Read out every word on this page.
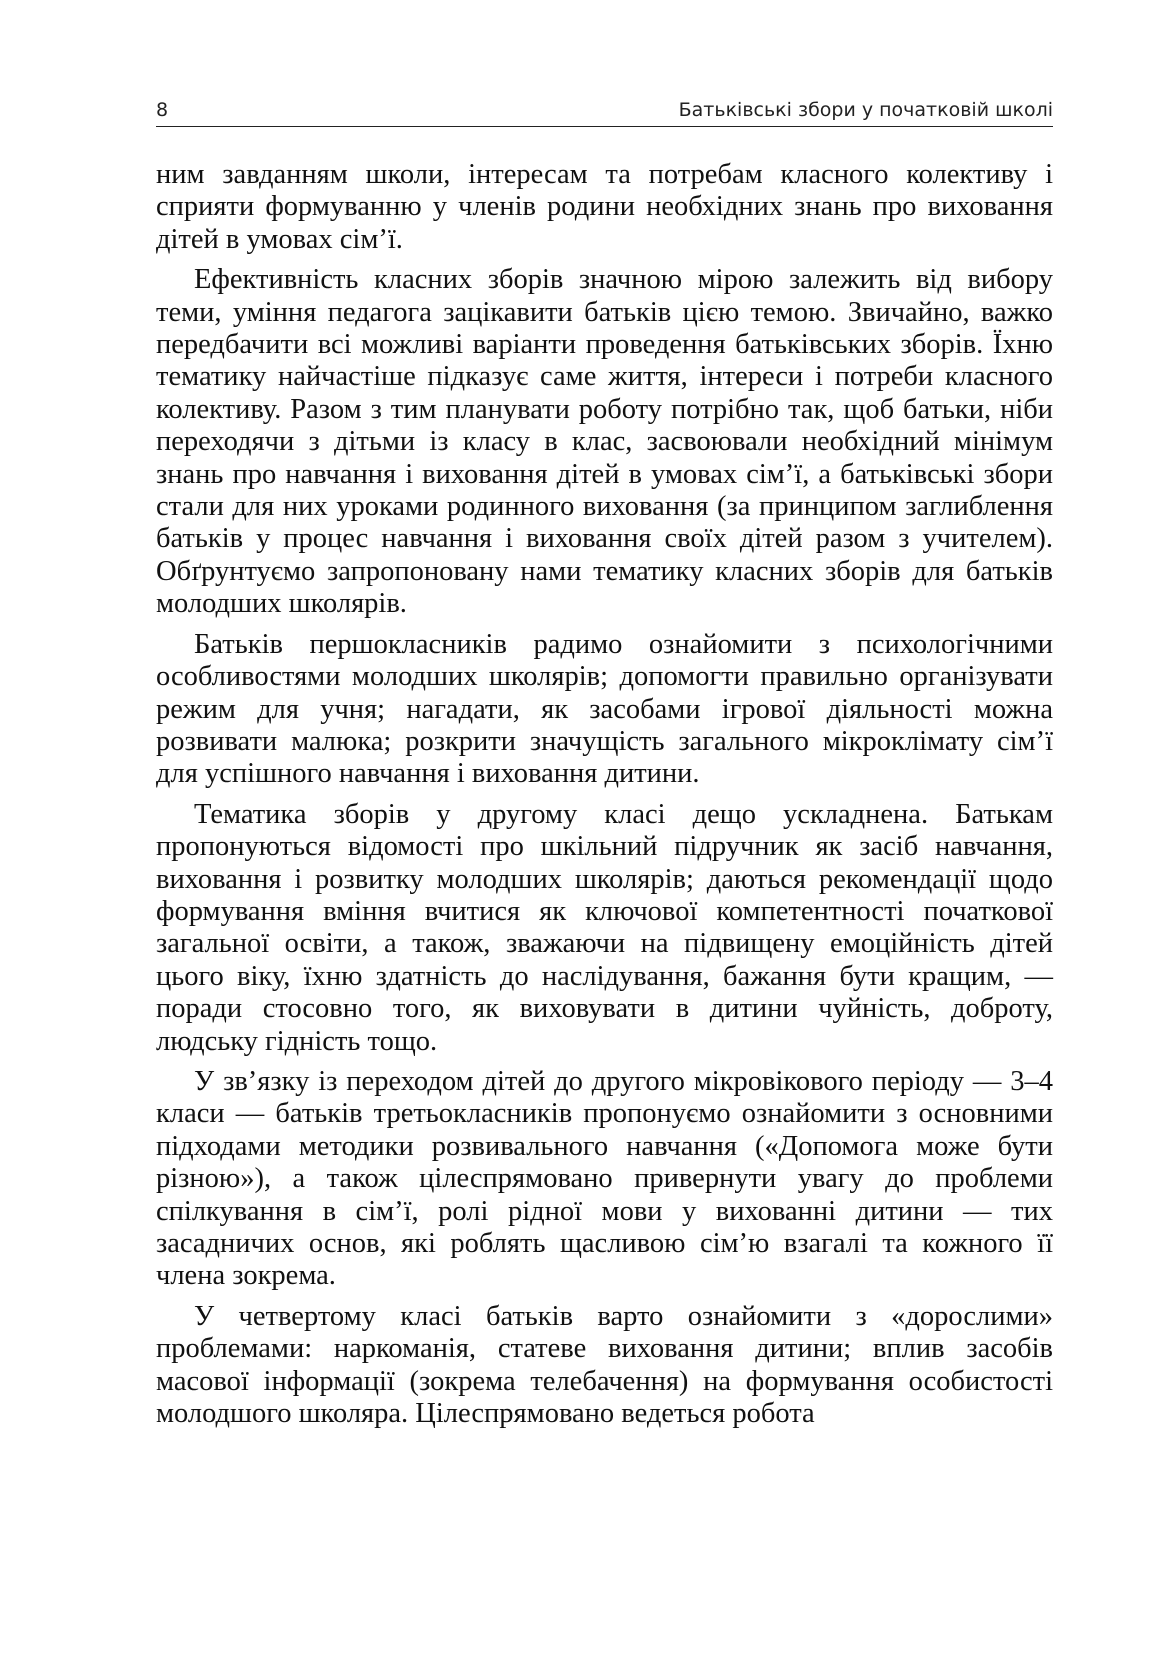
8	Батьківські збори у початковій школі

ним завданням школи, інтересам та потребам класного колективу і сприяти формуванню у членів родини необхідних знань про виховання дітей в умовах сім’ї.

Ефективність класних зборів значною мірою залежить від вибору теми, уміння педагога зацікавити батьків цією темою. Звичайно, важко передбачити всі можливі варіанти проведення батьківських зборів. Їхню тематику найчастіше підказує саме життя, інтереси і потреби класного колективу. Разом з тим планувати роботу потрібно так, щоб батьки, ніби переходячи з дітьми із класу в клас, засвоювали необхідний мінімум знань про навчання і виховання дітей в умовах сім’ї, а батьківські збори стали для них уроками родинного виховання (за принципом заглиблення батьків у процес навчання і виховання своїх дітей разом з учителем). Обґрунтуємо запропоновану нами тематику класних зборів для батьків молодших школярів.

Батьків першокласників радимо ознайомити з психологічними особливостями молодших школярів; допомогти правильно організувати режим для учня; нагадати, як засобами ігрової діяльності можна розвивати малюка; розкрити значущість загального мікроклімату сім’ї для успішного навчання і виховання дитини.

Тематика зборів у другому класі дещо ускладнена. Батькам пропонуються відомості про шкільний підручник як засіб навчання, виховання і розвитку молодших школярів; даються рекомендації щодо формування вміння вчитися як ключової компетентності початкової загальної освіти, а також, зважаючи на підвищену емоційність дітей цього віку, їхню здатність до наслідування, бажання бути кращим, — поради стосовно того, як виховувати в дитини чуйність, доброту, людську гідність тощо.

У зв’язку із переходом дітей до другого мікровікового періоду — 3–4 класи — батьків третьокласників пропонуємо ознайомити з основними підходами методики розвивального навчання («Допомога може бути різною»), а також цілеспрямовано привернути увагу до проблеми спілкування в сім’ї, ролі рідної мови у вихованні дитини — тих засадничих основ, які роблять щасливою сім’ю взагалі та кожного її члена зокрема.

У четвертому класі батьків варто ознайомити з «дорослими» проблемами: наркоманія, статеве виховання дитини; вплив засобів масової інформації (зокрема телебачення) на формування особистості молодшого школяра. Цілеспрямовано ведеться робота
